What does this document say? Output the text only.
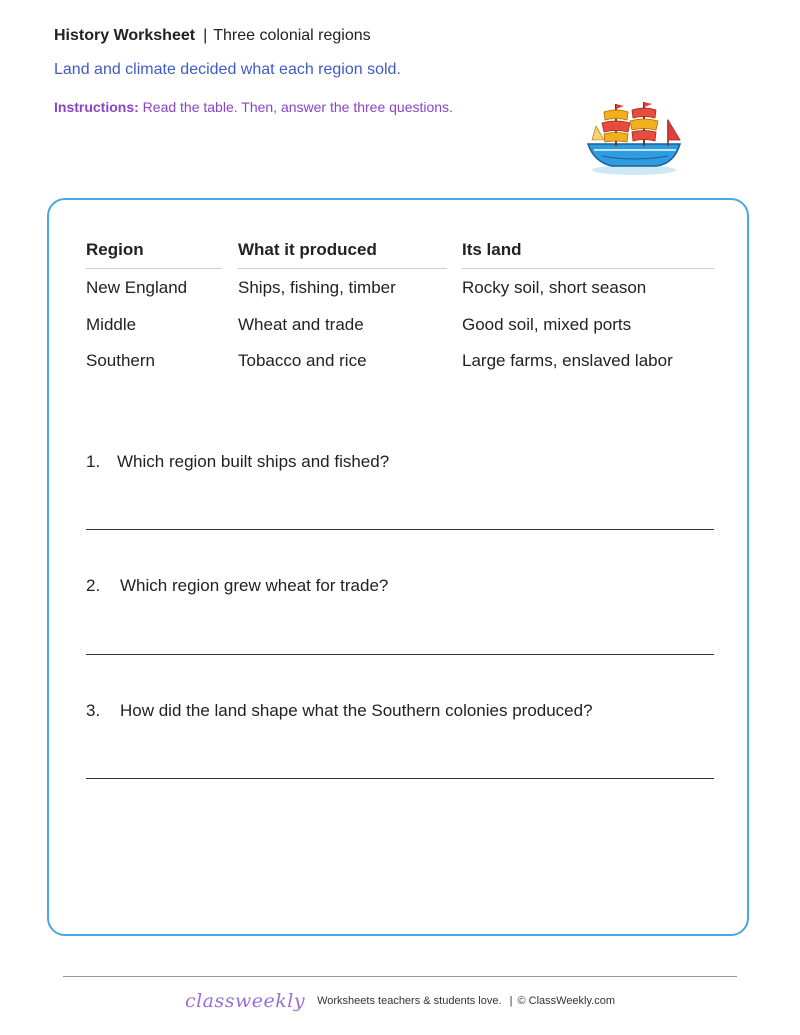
History Worksheet | Three colonial regions
Land and climate decided what each region sold.
Instructions: Read the table. Then, answer the three questions.
Region	What it produced	Its land
New England	Ships, fishing, timber	Rocky soil, short season
Middle	Wheat and trade	Good soil, mixed ports
Southern	Tobacco and rice	Large farms, enslaved labor
1. Which region built ships and fished?
2. Which region grew wheat for trade?
3. How did the land shape what the Southern colonies produced?
classweekly Worksheets teachers & students love. | © ClassWeekly.com
